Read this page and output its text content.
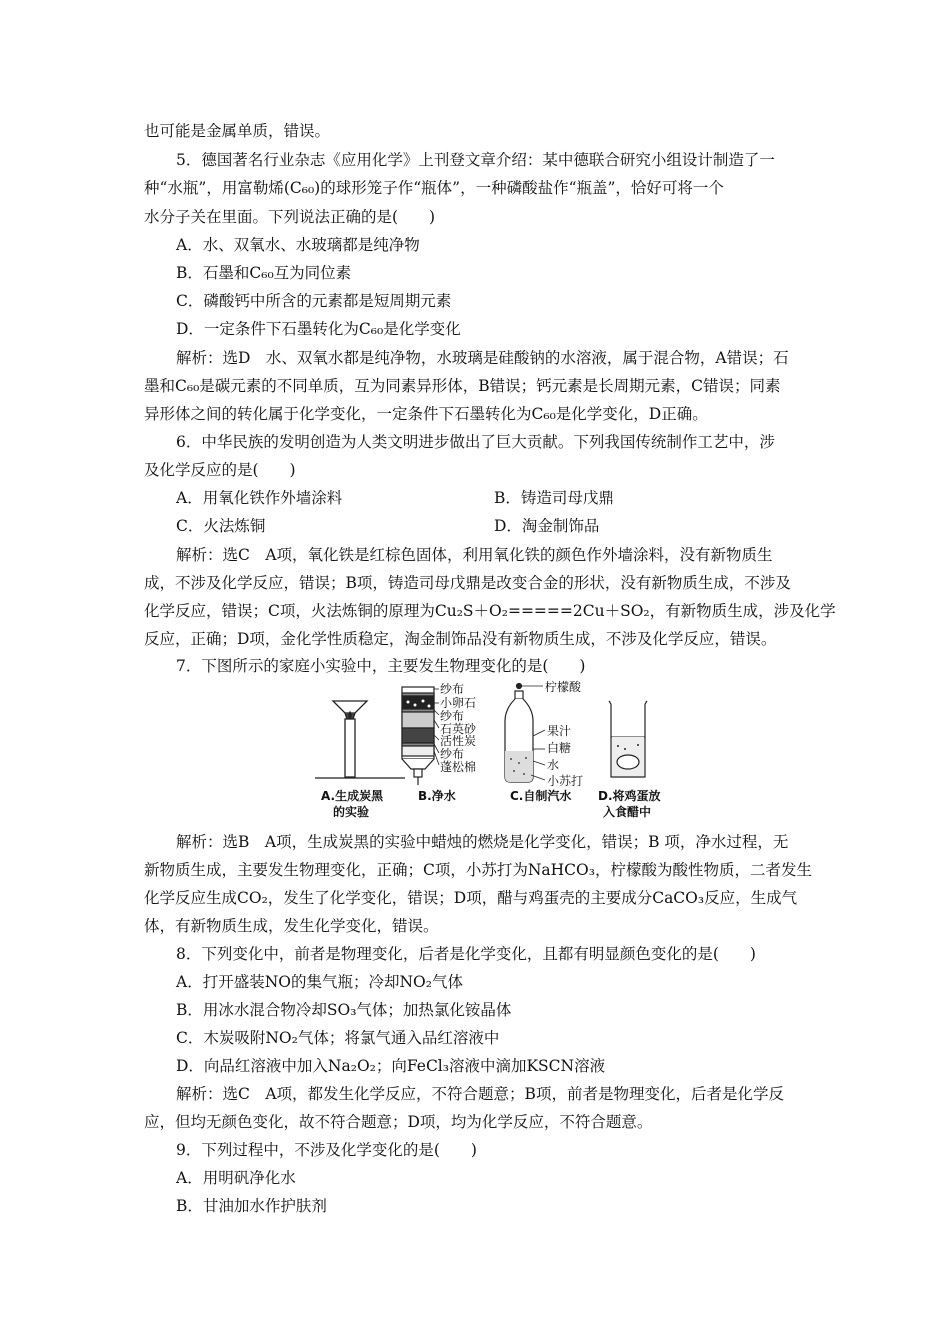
也可能是金属单质，错误。
5．德国著名行业杂志《应用化学》上刊登文章介绍：某中德联合研究小组设计制造了一
种“水瓶”，用富勒烯(C₆₀)的球形笼子作“瓶体”，一种磷酸盐作“瓶盖”，恰好可将一个
水分子关在里面。下列说法正确的是(　　)
A．水、双氧水、水玻璃都是纯净物
B．石墨和C₆₀互为同位素
C．磷酸钙中所含的元素都是短周期元素
D．一定条件下石墨转化为C₆₀是化学变化
解析：选D　水、双氧水都是纯净物，水玻璃是硅酸钠的水溶液，属于混合物，A错误；石
墨和C₆₀是碳元素的不同单质，互为同素异形体，B错误；钙元素是长周期元素，C错误；同素
异形体之间的转化属于化学变化，一定条件下石墨转化为C₆₀是化学变化，D正确。
6．中华民族的发明创造为人类文明进步做出了巨大贡献。下列我国传统制作工艺中，涉
及化学反应的是(　　)
A．用氧化铁作外墙涂料	B．铸造司母戊鼎
C．火法炼铜	D．淘金制饰品
解析：选C　A项，氧化铁是红棕色固体，利用氧化铁的颜色作外墙涂料，没有新物质生
成，不涉及化学反应，错误；B项，铸造司母戊鼎是改变合金的形状，没有新物质生成，不涉及
化学反应，错误；C项，火法炼铜的原理为Cu₂S＋O₂=====2Cu＋SO₂，有新物质生成，涉及化学
反应，正确；D项，金化学性质稳定，淘金制饰品没有新物质生成，不涉及化学反应，错误。
7．下图所示的家庭小实验中，主要发生物理变化的是(　　)
纱布
小卵石
纱布
石英砂
活性炭
纱布
蓬松棉
柠檬酸
果汁
白糖
水
小苏打
A.生成炭黑
的实验
B.净水	C.自制汽水 D.将鸡蛋放
入食醋中
解析：选B　A项，生成炭黑的实验中蜡烛的燃烧是化学变化，错误；B 项，净水过程，无
新物质生成，主要发生物理变化，正确；C项，小苏打为NaHCO₃，柠檬酸为酸性物质，二者发生
化学反应生成CO₂，发生了化学变化，错误；D项，醋与鸡蛋壳的主要成分CaCO₃反应，生成气
体，有新物质生成，发生化学变化，错误。
8．下列变化中，前者是物理变化，后者是化学变化，且都有明显颜色变化的是(　　)
A．打开盛装NO的集气瓶；冷却NO₂气体
B．用冰水混合物冷却SO₃气体；加热氯化铵晶体
C．木炭吸附NO₂气体；将氯气通入品红溶液中
D．向品红溶液中加入Na₂O₂；向FeCl₃溶液中滴加KSCN溶液
解析：选C　A项，都发生化学反应，不符合题意；B项，前者是物理变化，后者是化学反
应，但均无颜色变化，故不符合题意；D项，均为化学反应，不符合题意。
9．下列过程中，不涉及化学变化的是(　　)
A．用明矾净化水
B．甘油加水作护肤剂
